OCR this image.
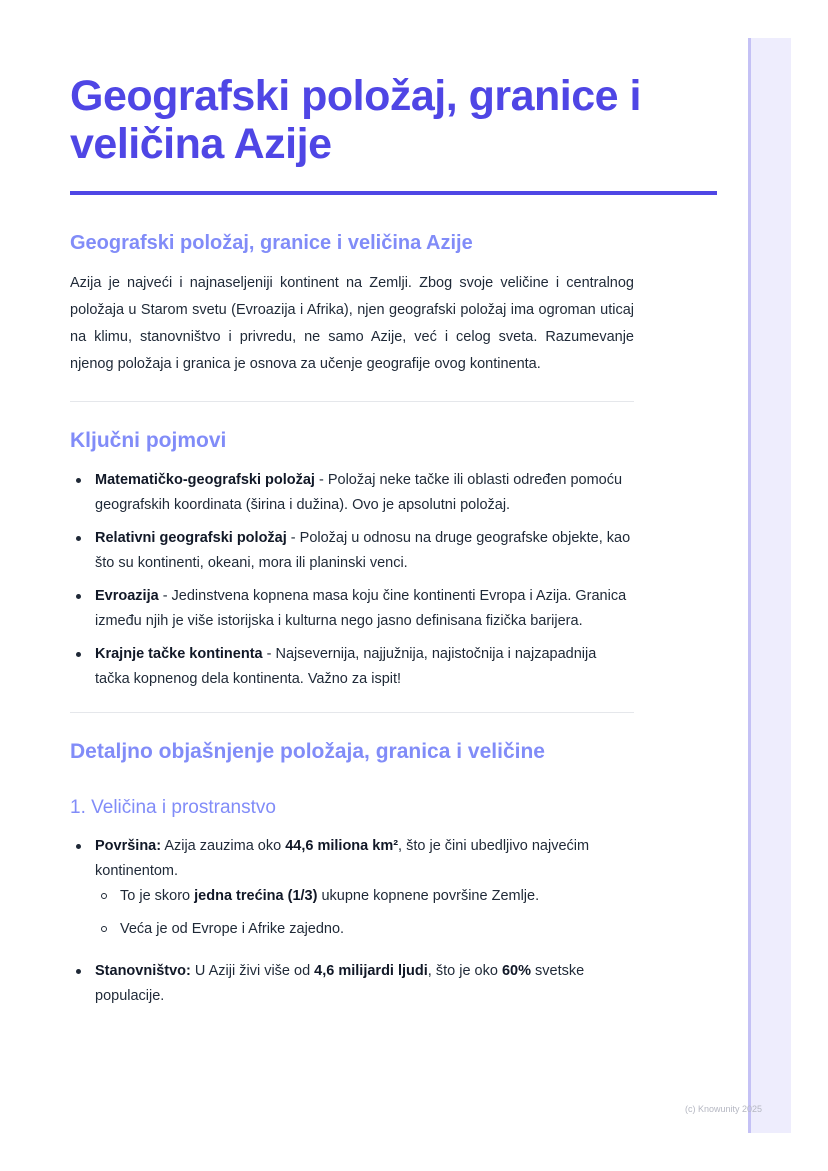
Geografski položaj, granice i veličina Azije
Geografski položaj, granice i veličina Azije

Azija je najveći i najnaseljeniji kontinent na Zemlji. Zbog svoje veličine i centralnog položaja u Starom svetu (Evroazija i Afrika), njen geografski položaj ima ogroman uticaj na klimu, stanovništvo i privredu, ne samo Azije, već i celog sveta. Razumevanje njenog položaja i granica je osnova za učenje geografije ovog kontinenta.

Ključni pojmovi
Matematičko-geografski položaj - Položaj neke tačke ili oblasti određen pomoću geografskih koordinata (širina i dužina). Ovo je apsolutni položaj.
Relativni geografski položaj - Položaj u odnosu na druge geografske objekte, kao što su kontinenti, okeani, mora ili planinski venci.
Evroazija - Jedinstvena kopnena masa koju čine kontinenti Evropa i Azija. Granica između njih je više istorijska i kulturna nego jasno definisana fizička barijera.
Krajnje tačke kontinenta - Najsevernija, najjužnija, najistočnija i najzapadnija tačka kopnenog dela kontinenta. Važno za ispit!
Detaljno objašnjenje položaja, granica i veličine
1. Veličina i prostranstvo
Površina: Azija zauzima oko 44,6 miliona km², što je čini ubedljivo najvećim kontinentom.
To je skoro jedna trećina (1/3) ukupne kopnene površine Zemlje.
Veća je od Evrope i Afrike zajedno.
Stanovništvo: U Aziji živi više od 4,6 milijardi ljudi, što je oko 60% svetske populacije.
(c) Knowunity 2025
